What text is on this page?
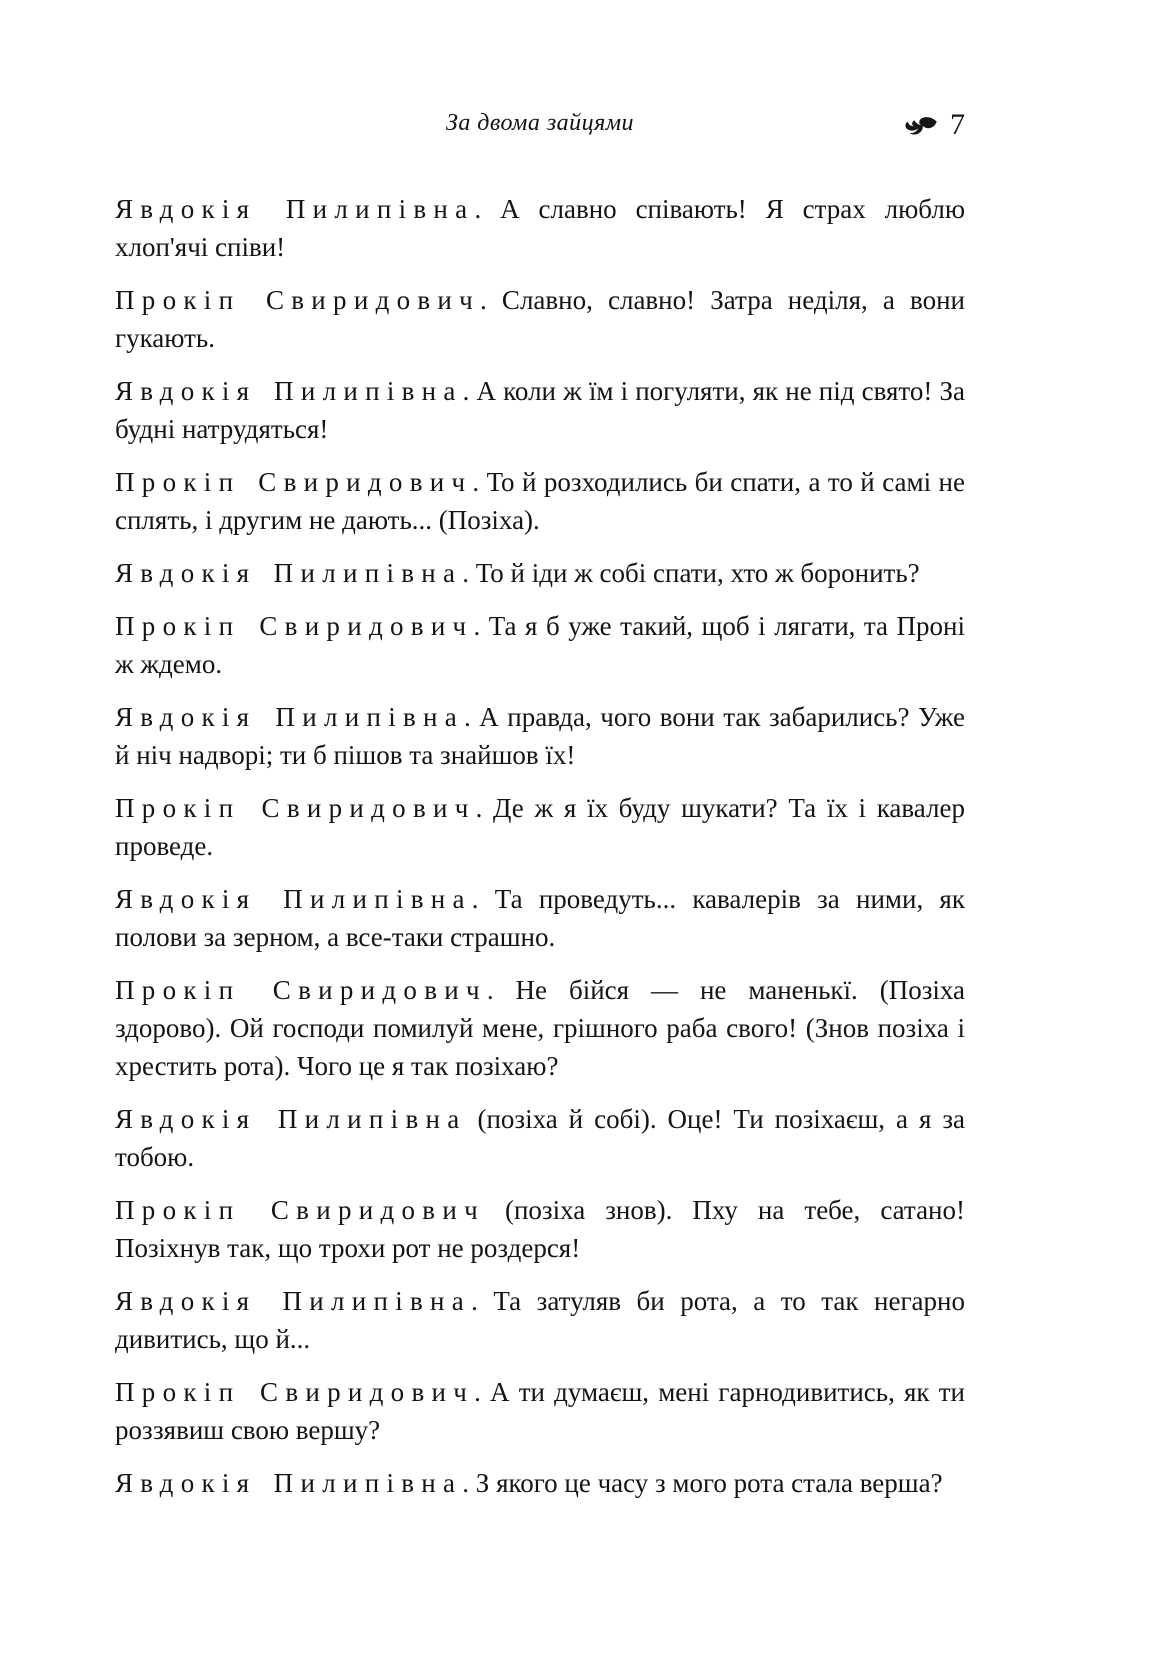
За двома зайцями	7

Явдокія Пилипівна. А славно співають! Я страх люблю хлоп'ячі співи!

Прокіп Свиридович. Славно, славно! Затра неділя, а вони гукають.

Явдокія Пилипівна. А коли ж їм і погуляти, як не під свято! За будні натрудяться!

Прокіп Свиридович. То й розходились би спати, а то й самі не сплять, і другим не дають... (Позіха).

Явдокія Пилипівна. То й іди ж собі спати, хто ж боронить?

Прокіп Свиридович. Та я б уже такий, щоб і лягати, та Проні ж ждемо.

Явдокія Пилипівна. А правда, чого вони так забарились? Уже й ніч надворі; ти б пішов та знайшов їх!

Прокіп Свиридович. Де ж я їх буду шукати? Та їх і кавалер проведе.

Явдокія Пилипівна. Та проведуть... кавалерів за ними, як полови за зерном, а все-таки страшно.

Прокіп Свиридович. Не бійся — не маненькї. (Позіха здорово). Ой господи помилуй мене, грішного раба свого! (Знов позіха і хрестить рота). Чого це я так позіхаю?

Явдокія Пилипівна (позіха й собі). Оце! Ти позіхаєш, а я за тобою.

Прокіп Свиридович (позіха знов). Пху на тебе, сатано! Позіхнув так, що трохи рот не роздерся!

Явдокія Пилипівна. Та затуляв би рота, а то так негарно дивитись, що й...

Прокіп Свиридович. А ти думаєш, мені гарнодивитись, як ти роззявиш свою вершу?

Явдокія Пилипівна. З якого це часу з мого рота стала верша?
